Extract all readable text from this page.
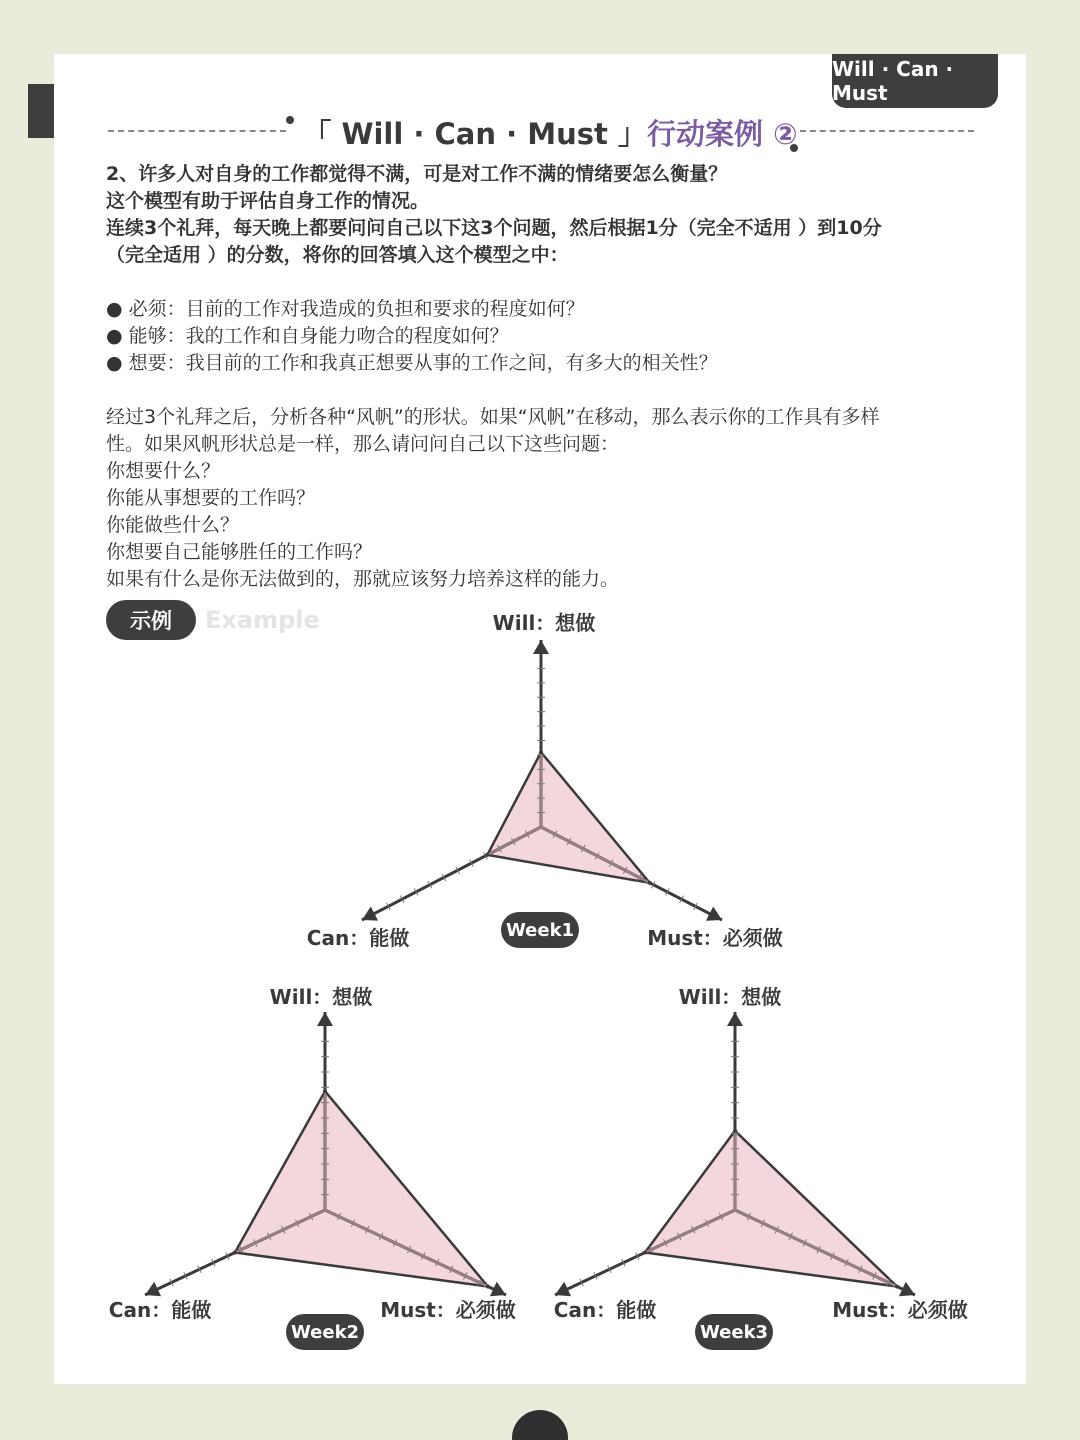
Will · Can · Must
「 Will · Can · Must 」行动案例 ②

2、许多人对自身的工作都觉得不满，可是对工作不满的情绪要怎么衡量？

这个模型有助于评估自身工作的情况。

连续3个礼拜，每天晚上都要问问自己以下这3个问题，然后根据1分（完全不适用 ）到10分

（完全适用 ）的分数，将你的回答填入这个模型之中：

● 必须：目前的工作对我造成的负担和要求的程度如何？

● 能够：我的工作和自身能力吻合的程度如何？

● 想要：我目前的工作和我真正想要从事的工作之间，有多大的相关性？

经过3个礼拜之后，分析各种“风帆”的形状。如果“风帆”在移动，那么表示你的工作具有多样

性。如果风帆形状总是一样，那么请问问自己以下这些问题：

你想要什么？

你能从事想要的工作吗？

你能做些什么？

你想要自己能够胜任的工作吗？

如果有什么是你无法做到的，那就应该努力培养这样的能力。

示例	Example	Will：想做
Can：能做	Must：必须做
Week1
Will：想做
Can：能做	Must：必须做
Week2
Will：想做
Can：能做	Must：必须做
Week3
